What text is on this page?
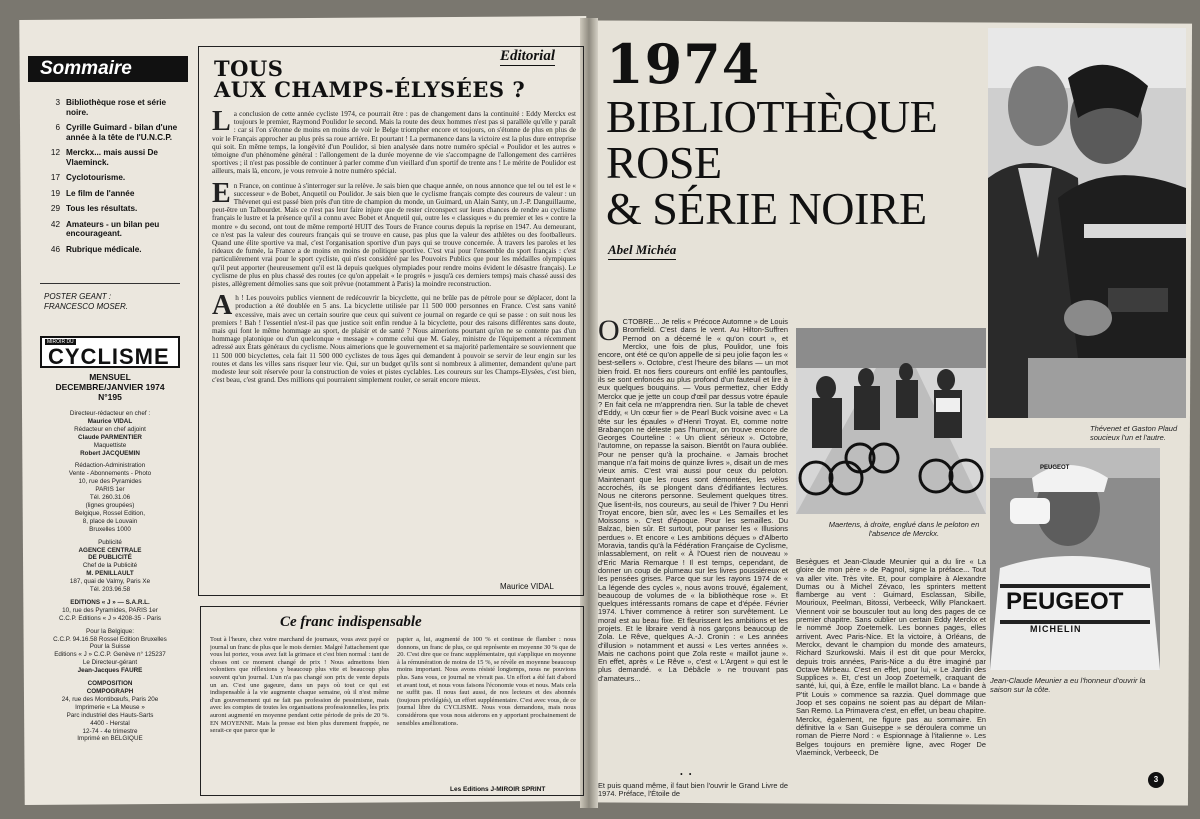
Sommaire
3 Bibliothèque rose et série noire.
6 Cyrille Guimard - bilan d'une année à la tête de l'U.N.C.P.
12 Merckx... mais aussi De Vlaeminck.
17 Cyclotourisme.
19 Le film de l'année
29 Tous les résultats.
42 Amateurs - un bilan peu encourageant.
46 Rubrique médicale.
POSTER GEANT :
FRANCESCO MOSER.
MIROIR DU
CYCLISME
MENSUEL
DECEMBRE/JANVIER 1974
N°195
Directeur-rédacteur en chef :
Maurice VIDAL
Rédacteur en chef adjoint
Claude PARMENTIER
Maquettiste
Robert JACQUEMIN
Rédaction-Administration
Vente - Abonnements - Photo
10, rue des Pyramides
PARIS 1er
Tél. 260.31.06
(lignes groupées)
Belgique, Rossel Edition,
8, place de Louvain
Bruxelles 1000
Publicité
AGENCE CENTRALE
DE PUBLICITÉ
Chef de la Publicité
M. PENILLAULT
187, quai de Valmy, Paris Xe
Tél. 203.96.58
EDITIONS « J » — S.A.R.L.
10, rue des Pyramides, PARIS 1er
C.C.P. Editions « J » 4208-35 - Paris
Pour la Belgique:
C.C.P. 94.16.58 Rossel Edition Bruxelles
Pour la Suisse
Editions « J » C.C.P. Genève n° 125237
Le Directeur-gérant
Jean-Jacques FAURE
COMPOSITION
COMPOGRAPH
24, rue des Montibœufs, Paris 20e
Imprimerie « La Meuse »
Parc industriel des Hauts-Sarts
4400 - Herstal
12-74 - 4e trimestre
Imprimé en BELGIQUE
Editorial
TOUS
AUX CHAMPS-ÉLYSÉES ?

La conclusion de cette année cycliste 1974, ce pourrait être : pas de changement dans la continuité : Eddy Merckx est toujours le premier, Raymond Poulidor le second. Mais la route des deux hommes n'est pas si parallèle qu'elle y paraît : car si l'on s'étonne de moins en moins de voir le Belge triompher encore et toujours, on s'étonne de plus en plus de voir le Français approcher au plus près sa roue arrière. Et pourtant ! La permanence dans la victoire est la plus dure entreprise qui soit. En même temps, la longévité d'un Poulidor, si bien analysée dans notre numéro spécial « Poulidor et les autres » témoigne d'un phénomène général : l'allongement de la durée moyenne de vie s'accompagne de l'allongement des carrières sportives ; il n'est pas possible de continuer à parler comme d'un vieillard d'un sportif de trente ans ! Le mérite de Poulidor est ailleurs, mais là, encore, je vous renvoie à notre numéro spécial.

En France, on continue à s'interroger sur la relève. Je sais bien que chaque année, on nous annonce que tel ou tel est le « successeur » de Bobet, Anquetil ou Poulidor. Je sais bien que le cyclisme français compte des coureurs de valeur : un Thévenet qui est passé bien près d'un titre de champion du monde, un Guimard, un Alain Santy, un J.-P. Danguillaume, peut-être un Talbourdet. Mais ce n'est pas leur faire injure que de rester circonspect sur leurs chances de rendre au cyclisme français le lustre et la présence qu'il a connu avec Bobet et Anquetil qui, outre les « classiques » du premier et les « contre la montre » du second, ont tout de même remporté HUIT des Tours de France courus depuis la reprise en 1947. Au demeurant, ce n'est pas la valeur des coureurs français qui se trouve en cause, pas plus que la valeur des athlètes ou des footballeurs. Quand une élite sportive va mal, c'est l'organisation sportive d'un pays qui se trouve concernée. À travers les paroles et les rideaux de fumée, la France a de moins en moins de politique sportive. C'est vrai pour l'ensemble du sport français : c'est particulièrement vrai pour le sport cycliste, qui n'est considéré par les Pouvoirs Publics que pour les médailles olympiques qu'il peut apporter (heureusement qu'il est là depuis quelques olympiades pour rendre moins évident le désastre français). Le cyclisme de plus en plus chassé des routes (ce qu'on appelait « le progrès » jusqu'à ces derniers temps) mais chassé aussi des pistes, allègrement démolies sans que soit prévue (notamment à Paris) la moindre reconstruction.

Ah ! Les pouvoirs publics viennent de redécouvrir la bicyclette, qui ne brûle pas de pétrole pour se déplacer, dont la production a été doublée en 5 ans. La bicyclette utilisée par 11 500 000 personnes en France. C'est sans vanité excessive, mais avec un certain sourire que ceux qui suivent ce journal on regarde ce qui se passe : on suit nous les premiers ! Bah ! l'essentiel n'est-il pas que justice soit enfin rendue à la bicyclette, pour des raisons différentes sans doute, mais qui font le même hommage au sport, de plaisir et de santé ? Nous aimerions pourtant qu'on ne se contente pas d'un hommage platonique ou d'un quelconque « message » comme celui que M. Galey, ministre de l'équipement a récemment adressé aux États généraux du cyclisme. Nous aimerions que le gouvernement et sa majorité parlementaire se souviennent que 11 500 000 bicyclettes, cela fait 11 500 000 cyclistes de tous âges qui demandent à pouvoir se servir de leur engin sur les routes et dans les villes sans risquer leur vie. Qui, sur un budget qu'ils sont si nombreux à alimenter, demandent qu'une part modeste leur soit réservée pour la construction de voies et pistes cyclables. Les coureurs sur les Champs-Elysées, c'est bien, c'est beau, c'est grand. Des millions qui pourraient simplement rouler, ce serait encore mieux.

Maurice VIDAL
Ce franc indispensable

Tout à l'heure, chez votre marchand de journaux, vous avez payé ce journal un franc de plus que le mois dernier. Malgré l'attachement que vous lui portez, vous avez fait la grimace et c'est bien normal : tant de choses ont ce moment changé de prix ! Nous admettons bien volontiers que réflexions y beaucoup plus vite et beaucoup plus souvent qu'un journal. L'un n'a pas changé son prix de vente depuis un an. C'est une gageure, dans un pays où tout ce qui est indispensable à la vie augmente chaque semaine, où il n'est même d'un gouvernement qui ne fait pas profession de pessimisme, mais avec les comptes de toutes les organisations professionnelles, les prix auront augmenté en moyenne pendant cette période de près de 20 %. EN MOYENNE. Mais la presse est bien plus durement frappée, ne serait-ce que parce que le

papier a, lui, augmenté de 100 % et continue de flamber : nous donnons, un franc de plus, ce qui représente en moyenne 30 % que de 20. C'est dire que ce franc supplémentaire, qui s'applique en moyenne à la rémunération de moins de 15 %, se révèle en moyenne beaucoup moins important. Nous avons résisté longtemps, nous ne pouvions plus. Sans vous, ce journal ne vivrait pas. Un effort a été fait d'abord et avant tout, et nous vous faisons l'économie vous et nous. Mais cela ne suffit pas. Il nous faut aussi, de nos lecteurs et des abonnés (toujours privilégiés), un effort supplémentaire. C'est avec vous, de ce journal libre du CYCLISME. Nous vous demandons, mais nous considérons que vous nous aiderons en y apportant prochainement de sensibles améliorations.

Les Editions J-MIROIR SPRINT
1974
BIBLIOTHÈQUE
ROSE
& SÉRIE NOIRE
Abel Michéa

OCTOBRE... Je relis « Précoce Automne » de Louis Bromfield. C'est dans le vent. Au Hilton-Suffren Pernod on a décerné le « qu'on court », et Merckx, une fois de plus, Poulidor, une fois encore, ont été ce qu'on appelle de si peu jolie façon les « best-sellers ». Octobre, c'est l'heure des bilans — un mot bien froid. Et nos fiers coureurs ont enfilé les pantoufles, ils se sont enfoncés au plus profond d'un fauteuil et lire à eux quelques bouquins. — Vous permettez, cher Eddy Merckx que je jette un coup d'œil par dessus votre épaule ? En fait cela ne m'apprendra rien. Sur la table de chevet d'Eddy, « Un cœur fier » de Pearl Buck voisine avec « La tête sur les épaules » d'Henri Troyat. Et, comme notre Brabançon ne déteste pas l'humour, on trouve encore de Georges Courteline : « Un client sérieux ». Octobre, l'automne, on repasse la saison. Bientôt on l'aura oubliée. Pour ne penser qu'à la prochaine. « Jamais brochet manque n'a fait moins de quinze livres », disait un de mes vieux amis. C'est vrai aussi pour ceux du peloton. Maintenant que les roues sont démontées, les vélos accrochés, ils se plongent dans d'édifiantes lectures. Nous ne citerons personne. Seulement quelques titres. Que lisent-ils, nos coureurs, au seuil de l'hiver ? Du Henri Troyat encore, bien sûr, avec les « Les Semailles et les Moissons ». C'est d'époque. Pour les semailles. Du Balzac, bien sûr. Et surtout, pour panser les « Illusions perdues ». Et encore « Les ambitions déçues » d'Alberto Moravia, tandis qu'à la Fédération Française de Cyclisme, inlassablement, on relit « À l'Ouest rien de nouveau » d'Eric Maria Remarque ! Il est temps, cependant, de donner un coup de plumeau sur les livres poussiéreux et les pensées grises. Parce que sur les rayons 1974 de « La légende des cycles », nous avons trouvé, également, beaucoup de volumes de « la bibliothèque rose ». Et quelques intéressants romans de cape et d'épée. Février 1974. L'hiver commence à retirer son survêtement. Le moral est au beau fixe. Et fleurissent les ambitions et les projets. Et le libraire vend à nos garçons beaucoup de Zola. Le Rêve, quelques A.-J. Cronin : « Les années d'illusion » notamment et aussi « Les vertes années ». Mais ne cachons point que Zola reste « maillot jaune ». En effet, après « Le Rêve », c'est « L'Argent » qui est le plus demandé. « La Débâcle » ne trouvant pas d'amateurs...

• •

Et puis quand même, il faut bien l'ouvrir le Grand Livre de 1974. Préface, l'Étoile de

Besègues et Jean-Claude Meunier qui a du lire « La gloire de mon père » de Pagnol, signe la préface... Tout va aller vite. Très vite. Et, pour complaire à Alexandre Dumas ou à Michel Zévaco, les sprinters mettent flamberge au vent : Guimard, Esclassan, Sibille, Mourioux, Peelman, Bitossi, Verbeeck, Willy Planckaert. Viennent voir se bousculer tout au long des pages de ce premier chapitre. Sans oublier un certain Eddy Merckx et le nommé Joop Zoetemelk. Les bonnes pages, elles arrivent. Avec Paris-Nice. Et la victoire, à Orléans, de Merckx, devant le champion du monde des amateurs, Richard Szurkowski. Mais il est dit que pour Merckx, depuis trois années, Paris-Nice a du être imaginé par Octave Mirbeau. C'est en effet, pour lui, « Le Jardin des Supplices ». Et, c'est un Joop Zoetemelk, craquant de santé, lui, qui, à Èze, enfile le maillot blanc. La « bande à P'tit Louis » commence sa razzia. Quel dommage que Joop et ses copains ne soient pas au départ de Milan-San Remo. La Primavera c'est, en effet, un beau chapitre. Merckx, également, ne figure pas au sommaire. En définitive la « San Guiseppe » se déroulera comme un roman de Pierre Nord : « Espionnage à l'italienne ». Les Belges toujours en première ligne, avec Roger De Vlaeminck, Verbeeck, De

Thévenet et Gaston Plaud soucieux l'un et l'autre.
Maertens, à droite, englué dans le peloton en l'absence de Merckx.
PEUGEOT
PEUGEOT
MICHELIN
Jean-Claude Meunier a eu l'honneur d'ouvrir la saison sur la côte.
3
